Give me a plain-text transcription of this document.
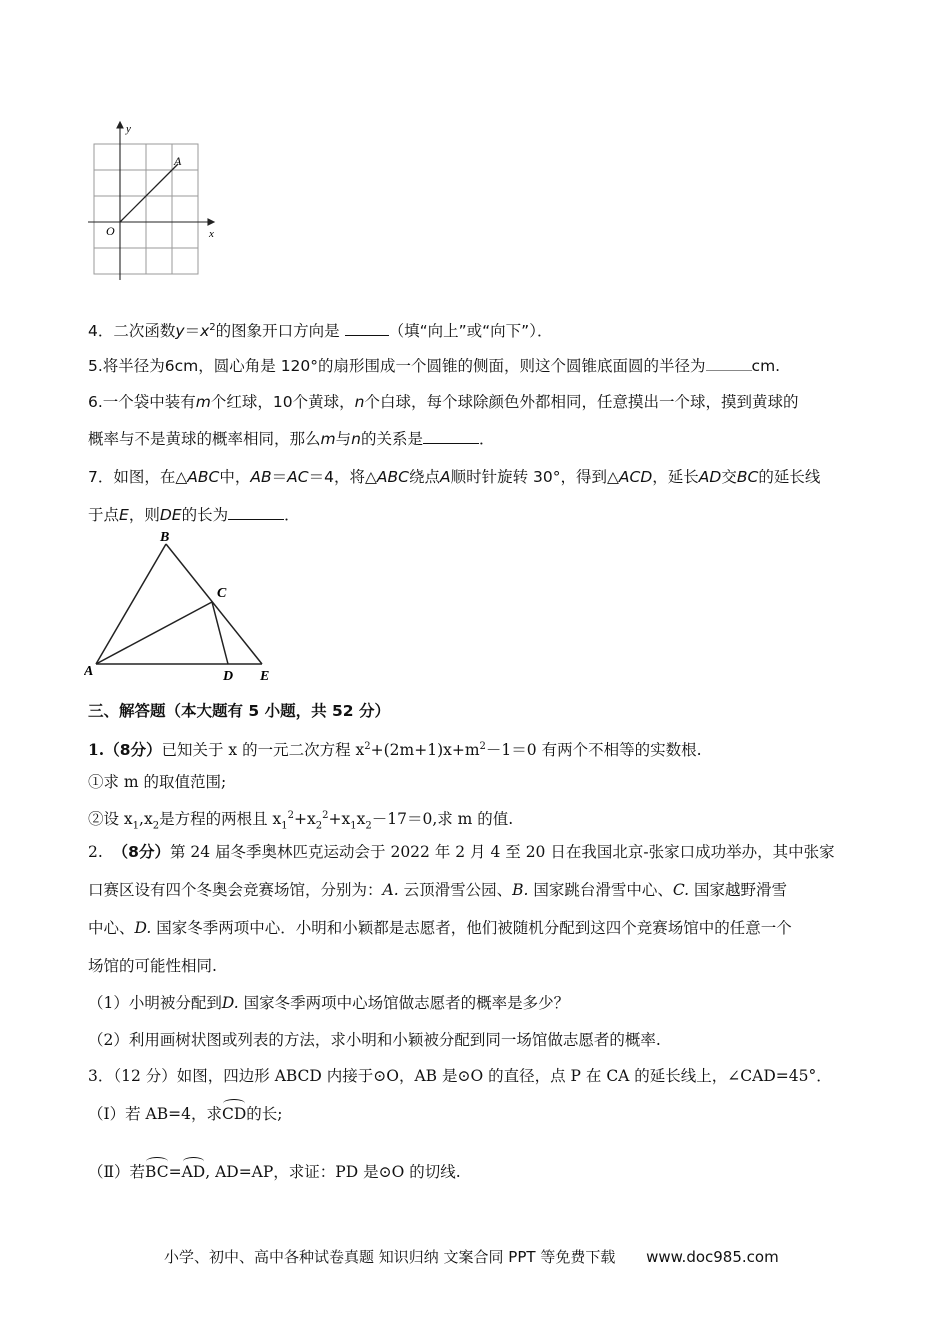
y
x
O
A
4．二次函数$y=x^2$的图象开口方向是	（填“向上”或“向下”）．
5.将半径为6cm，圆心角是 120°的扇形围成一个圆锥的侧面，则这个圆锥底面圆的半径为	cm.
6.一个袋中装有m个红球，10个黄球，n个白球，每个球除颜色外都相同，任意摸出一个球，摸到黄球的
概率与不是黄球的概率相同，那么m与n的关系是	．
7．如图，在△ABC中，AB＝AC＝4，将△ABC绕点A顺时针旋转 30°，得到△ACD，延长AD交BC的延长线
于点E，则DE的长为	．
B
C
A	D E
三、解答题（本大题有 5 小题，共 52 分）
1.（8分）已知关于 x 的一元二次方程 $x^2+(2m+1)x+m^2-1=0$ 有两个不相等的实数根.
①求 m 的取值范围;
②设 $x_1,x_2$是方程的两根且 $x_1^2+x_2^2+x_1x_2-17=0$,求 m 的值.
2. （8分）第 24 届冬季奥林匹克运动会于 2022 年 2 月 4 至 20 日在我国北京-张家口成功举办，其中张家
口赛区设有四个冬奥会竞赛场馆，分别为：A. 云顶滑雪公园、B. 国家跳台滑雪中心、C. 国家越野滑雪
中心、D. 国家冬季两项中心．小明和小颖都是志愿者，他们被随机分配到这四个竞赛场馆中的任意一个
场馆的可能性相同.
（1）小明被分配到D. 国家冬季两项中心场馆做志愿者的概率是多少？
（2）利用画树状图或列表的方法，求小明和小颖被分配到同一场馆做志愿者的概率.
3．（12 分）如图，四边形 ABCD 内接于⊙O，AB 是⊙O 的直径，点 P 在 CA 的延长线上，∠CAD=45°．
（Ⅰ）若 AB=4，求CD的长;
（Ⅱ）若BC=AD, AD=AP，求证：PD 是⊙O 的切线.
小学、初中、高中各种试卷真题 知识归纳 文案合同 PPT 等免费下载 www.doc985.com
